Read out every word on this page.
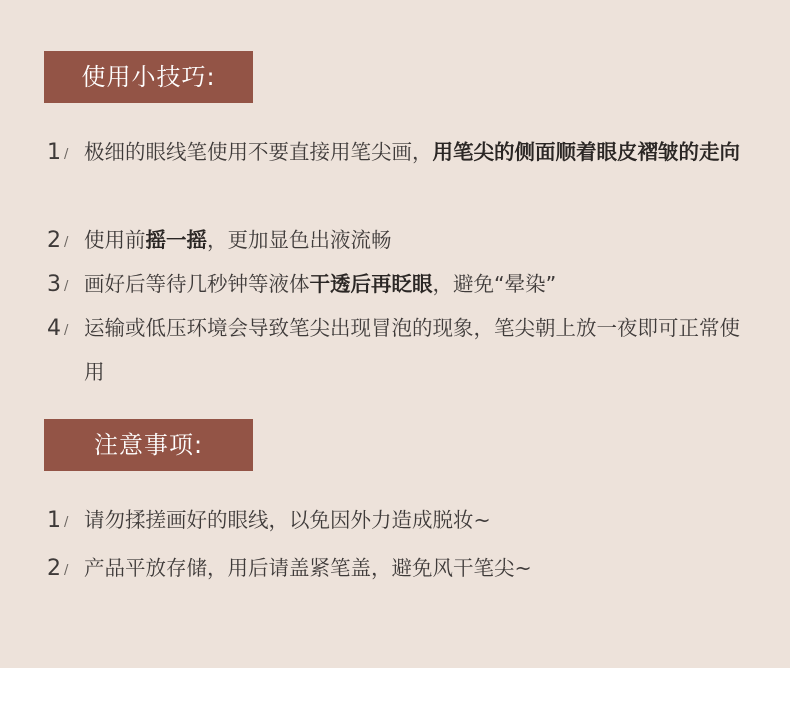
使用小技巧:
1 / 极细的眼线笔使用不要直接用笔尖画，用笔尖的侧面顺着眼皮褶皱的走向
2 / 使用前摇一摇，更加显色出液流畅
3 / 画好后等待几秒钟等液体干透后再眨眼，避免“晕染”
4 / 运输或低压环境会导致笔尖出现冒泡的现象，笔尖朝上放一夜即可正常使用
注意事项:
1 / 请勿揉搓画好的眼线，以免因外力造成脱妆~
2 / 产品平放存储，用后请盖紧笔盖，避免风干笔尖~
